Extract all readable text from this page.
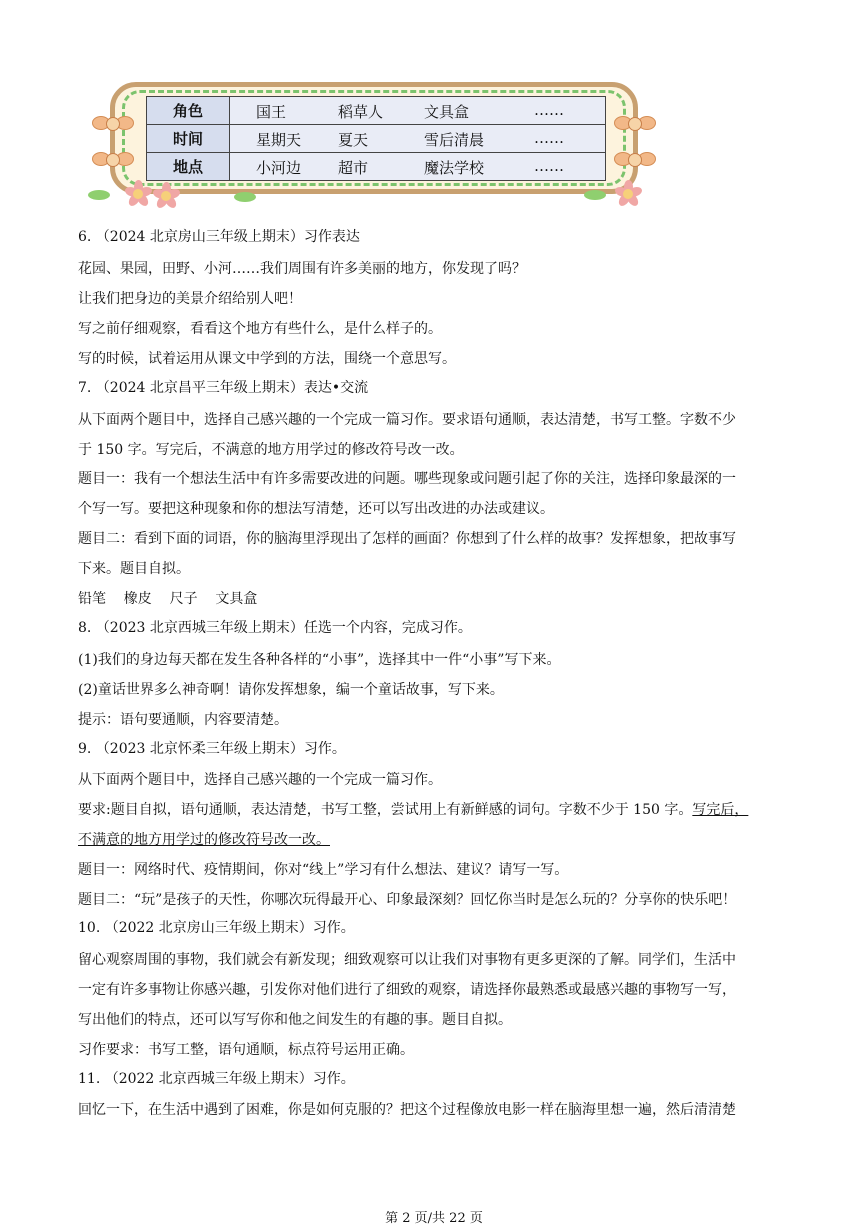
角色	国王 稻草人 文具盒 ……

时间	星期天 夏天 雪后清晨 ……

地点	小河边 超市 魔法学校 ……
6. （2024 北京房山三年级上期末）习作表达
花园、果园，田野、小河……我们周围有许多美丽的地方，你发现了吗？
让我们把身边的美景介绍给别人吧！
写之前仔细观察，看看这个地方有些什么，是什么样子的。
写的时候，试着运用从课文中学到的方法，围绕一个意思写。
7. （2024 北京昌平三年级上期末）表达•交流
从下面两个题目中，选择自己感兴趣的一个完成一篇习作。要求语句通顺，表达清楚，书写工整。字数不少
于 150 字。写完后，不满意的地方用学过的修改符号改一改。
题目一：我有一个想法生活中有许多需要改进的问题。哪些现象或问题引起了你的关注，选择印象最深的一
个写一写。要把这种现象和你的想法写清楚，还可以写出改进的办法或建议。
题目二：看到下面的词语，你的脑海里浮现出了怎样的画面？你想到了什么样的故事？发挥想象，把故事写
下来。题目自拟。
铅笔    橡皮    尺子    文具盒
8. （2023 北京西城三年级上期末）任选一个内容，完成习作。
(1)我们的身边每天都在发生各种各样的“小事”，选择其中一件“小事”写下来。
(2)童话世界多么神奇啊！请你发挥想象，编一个童话故事，写下来。
提示：语句要通顺，内容要清楚。
9. （2023 北京怀柔三年级上期末）习作。
从下面两个题目中，选择自己感兴趣的一个完成一篇习作。
要求:题目自拟，语句通顺，表达清楚，书写工整，尝试用上有新鲜感的词句。字数不少于 150 字。写完后，
不满意的地方用学过的修改符号改一改。
题目一：网络时代、疫情期间，你对“线上”学习有什么想法、建议？请写一写。
题目二：“玩”是孩子的天性，你哪次玩得最开心、印象最深刻？回忆你当时是怎么玩的？分享你的快乐吧！
10. （2022 北京房山三年级上期末）习作。
留心观察周围的事物，我们就会有新发现；细致观察可以让我们对事物有更多更深的了解。同学们，生活中
一定有许多事物让你感兴趣，引发你对他们进行了细致的观察，请选择你最熟悉或最感兴趣的事物写一写，
写出他们的特点，还可以写写你和他之间发生的有趣的事。题目自拟。
习作要求：书写工整，语句通顺，标点符号运用正确。
11. （2022 北京西城三年级上期末）习作。
回忆一下，在生活中遇到了困难，你是如何克服的？把这个过程像放电影一样在脑海里想一遍，然后清清楚
第 2 页/共 22 页
